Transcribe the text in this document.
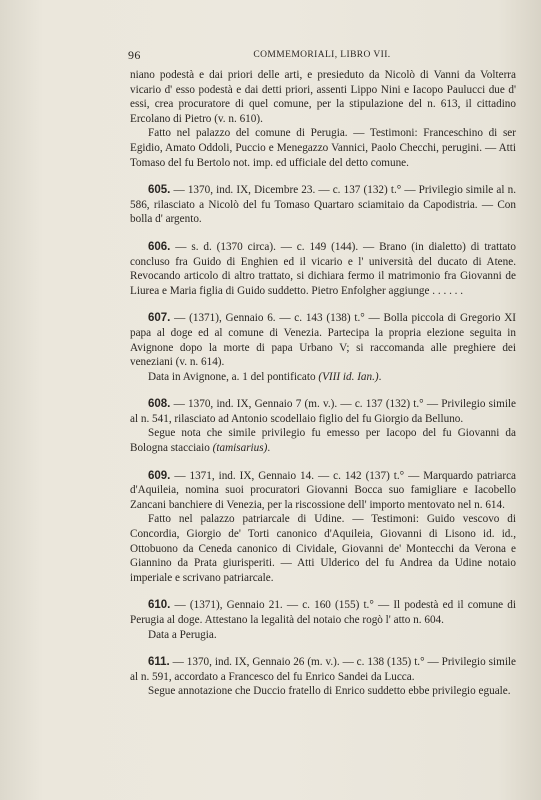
96	COMMEMORIALI, LIBRO VII.

niano podestà e dai priori delle arti, e presieduto da Nicolò di Vanni da Volterra vicario d' esso podestà e dai detti priori, assenti Lippo Nini e Iacopo Paulucci due d' essi, crea procuratore di quel comune, per la stipulazione del n. 613, il cittadino Ercolano di Pietro (v. n. 610).

Fatto nel palazzo del comune di Perugia. — Testimoni: Franceschino di ser Egidio, Amato Oddoli, Puccio e Menegazzo Vannici, Paolo Checchi, perugini. — Atti Tomaso del fu Bertolo not. imp. ed ufficiale del detto comune.

605. — 1370, ind. IX, Dicembre 23. — c. 137 (132) t.° — Privilegio simile al n. 586, rilasciato a Nicolò del fu Tomaso Quartaro sciamitaio da Capodistria. — Con bolla d' argento.

606. — s. d. (1370 circa). — c. 149 (144). — Brano (in dialetto) di trattato concluso fra Guido di Enghien ed il vicario e l' università del ducato di Atene. Revocando articolo di altro trattato, si dichiara fermo il matrimonio fra Giovanni de Liurea e Maria figlia di Guido suddetto. Pietro Enfolgher aggiunge . . . . . .

607. — (1371), Gennaio 6. — c. 143 (138) t.° — Bolla piccola di Gregorio XI papa al doge ed al comune di Venezia. Partecipa la propria elezione seguita in Avignone dopo la morte di papa Urbano V; si raccomanda alle preghiere dei veneziani (v. n. 614).

Data in Avignone, a. 1 del pontificato (VIII id. Ian.).

608. — 1370, ind. IX, Gennaio 7 (m. v.). — c. 137 (132) t.° — Privilegio simile al n. 541, rilasciato ad Antonio scodellaio figlio del fu Giorgio da Belluno.

Segue nota che simile privilegio fu emesso per Iacopo del fu Giovanni da Bologna stacciaio (tamisarius).

609. — 1371, ind. IX, Gennaio 14. — c. 142 (137) t.° — Marquardo patriarca d'Aquileia, nomina suoi procuratori Giovanni Bocca suo famigliare e Iacobello Zancani banchiere di Venezia, per la riscossione dell' importo mentovato nel n. 614.

Fatto nel palazzo patriarcale di Udine. — Testimoni: Guido vescovo di Concordia, Giorgio de' Torti canonico d'Aquileia, Giovanni di Lisono id. id., Ottobuono da Ceneda canonico di Cividale, Giovanni de' Montecchi da Verona e Giannino da Prata giurisperiti. — Atti Ulderico del fu Andrea da Udine notaio imperiale e scrivano patriarcale.

610. — (1371), Gennaio 21. — c. 160 (155) t.° — Il podestà ed il comune di Perugia al doge. Attestano la legalità del notaio che rogò l' atto n. 604.

Data a Perugia.

611. — 1370, ind. IX, Gennaio 26 (m. v.). — c. 138 (135) t.° — Privilegio simile al n. 591, accordato a Francesco del fu Enrico Sandei da Lucca.

Segue annotazione che Duccio fratello di Enrico suddetto ebbe privilegio eguale.
